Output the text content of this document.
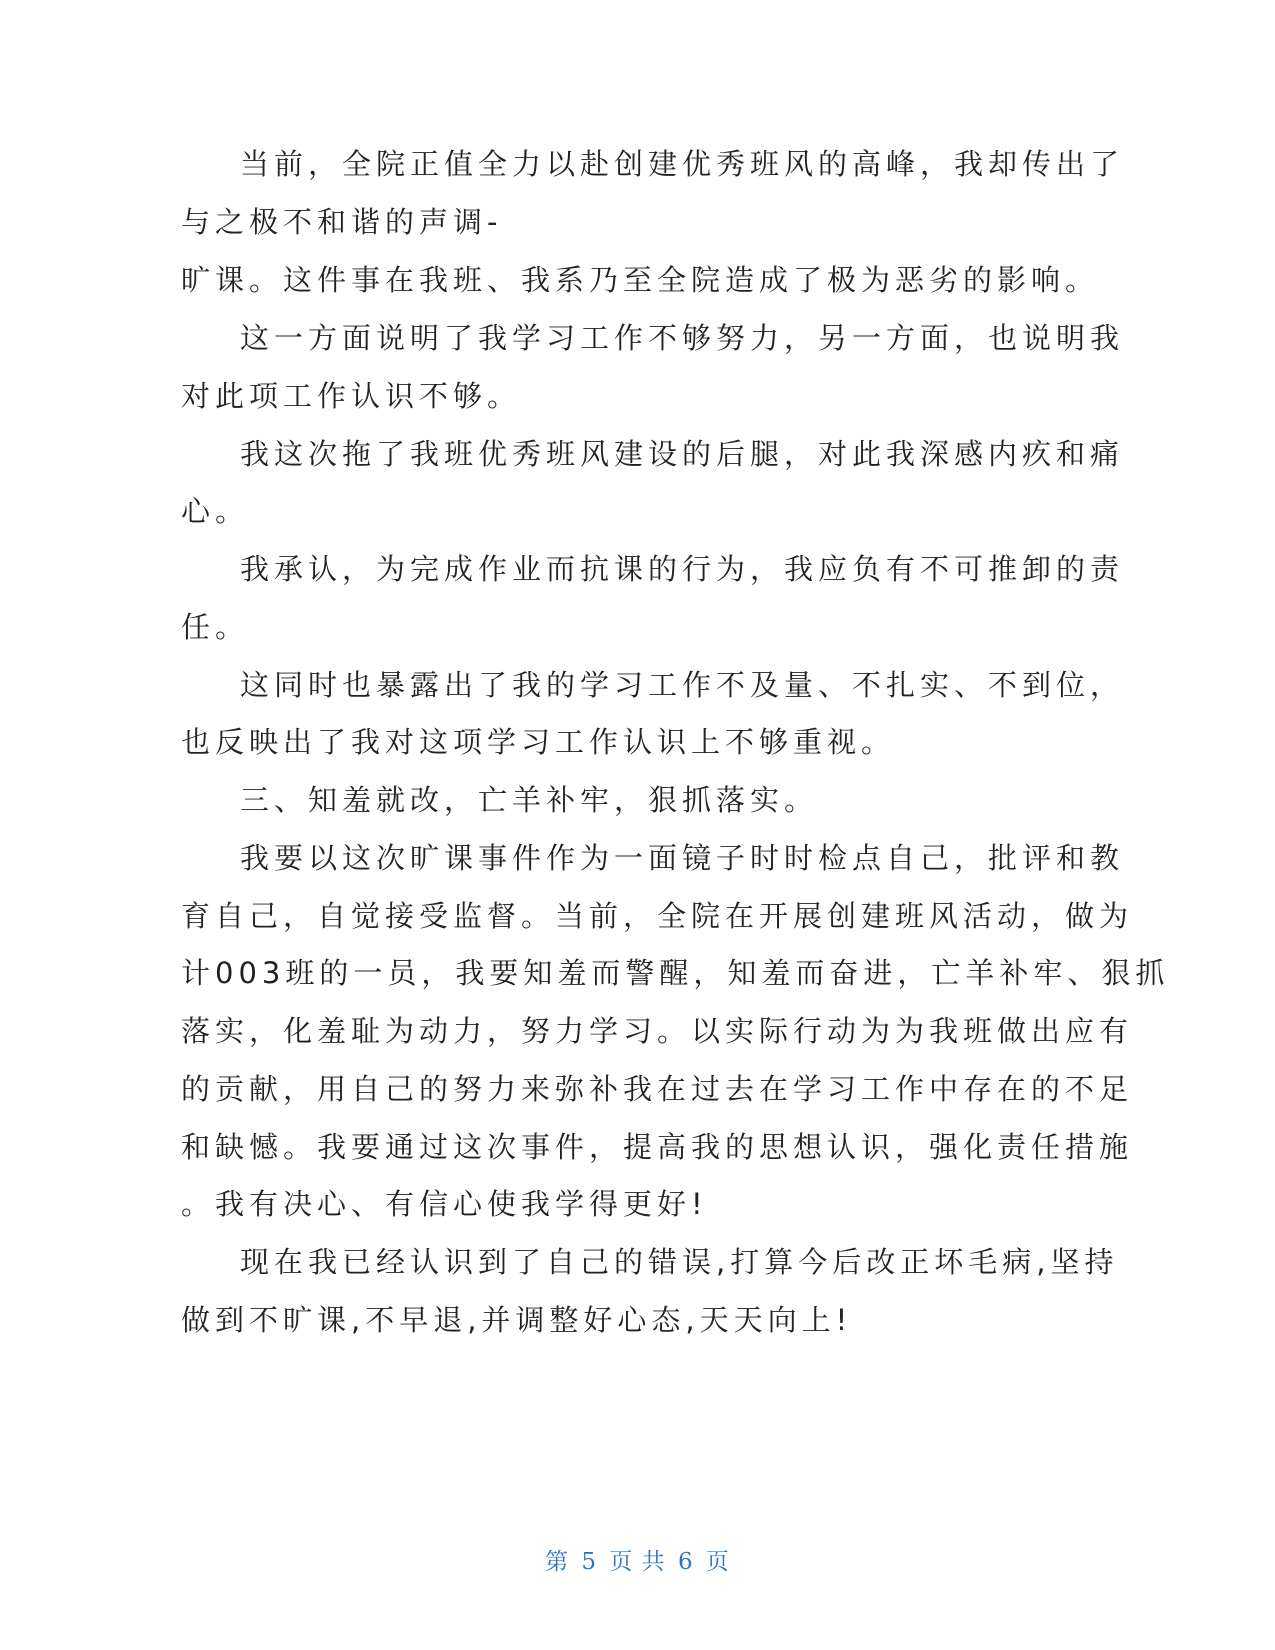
当前，全院正值全力以赴创建优秀班风的高峰，我却传出了
与之极不和谐的声调-
旷课。这件事在我班、我系乃至全院造成了极为恶劣的影响。
这一方面说明了我学习工作不够努力，另一方面，也说明我
对此项工作认识不够。
我这次拖了我班优秀班风建设的后腿，对此我深感内疚和痛
心。
我承认，为完成作业而抗课的行为，我应负有不可推卸的责
任。
这同时也暴露出了我的学习工作不及量、不扎实、不到位，
也反映出了我对这项学习工作认识上不够重视。
三、知羞就改，亡羊补牢，狠抓落实。
我要以这次旷课事件作为一面镜子时时检点自己，批评和教
育自己，自觉接受监督。当前，全院在开展创建班风活动，做为
计003班的一员，我要知羞而警醒，知羞而奋进，亡羊补牢、狠抓
落实，化羞耻为动力，努力学习。以实际行动为为我班做出应有
的贡献，用自己的努力来弥补我在过去在学习工作中存在的不足
和缺憾。我要通过这次事件，提高我的思想认识，强化责任措施
。我有决心、有信心使我学得更好!
现在我已经认识到了自己的错误,打算今后改正坏毛病,坚持
做到不旷课,不早退,并调整好心态,天天向上!
第 5 页 共 6 页
